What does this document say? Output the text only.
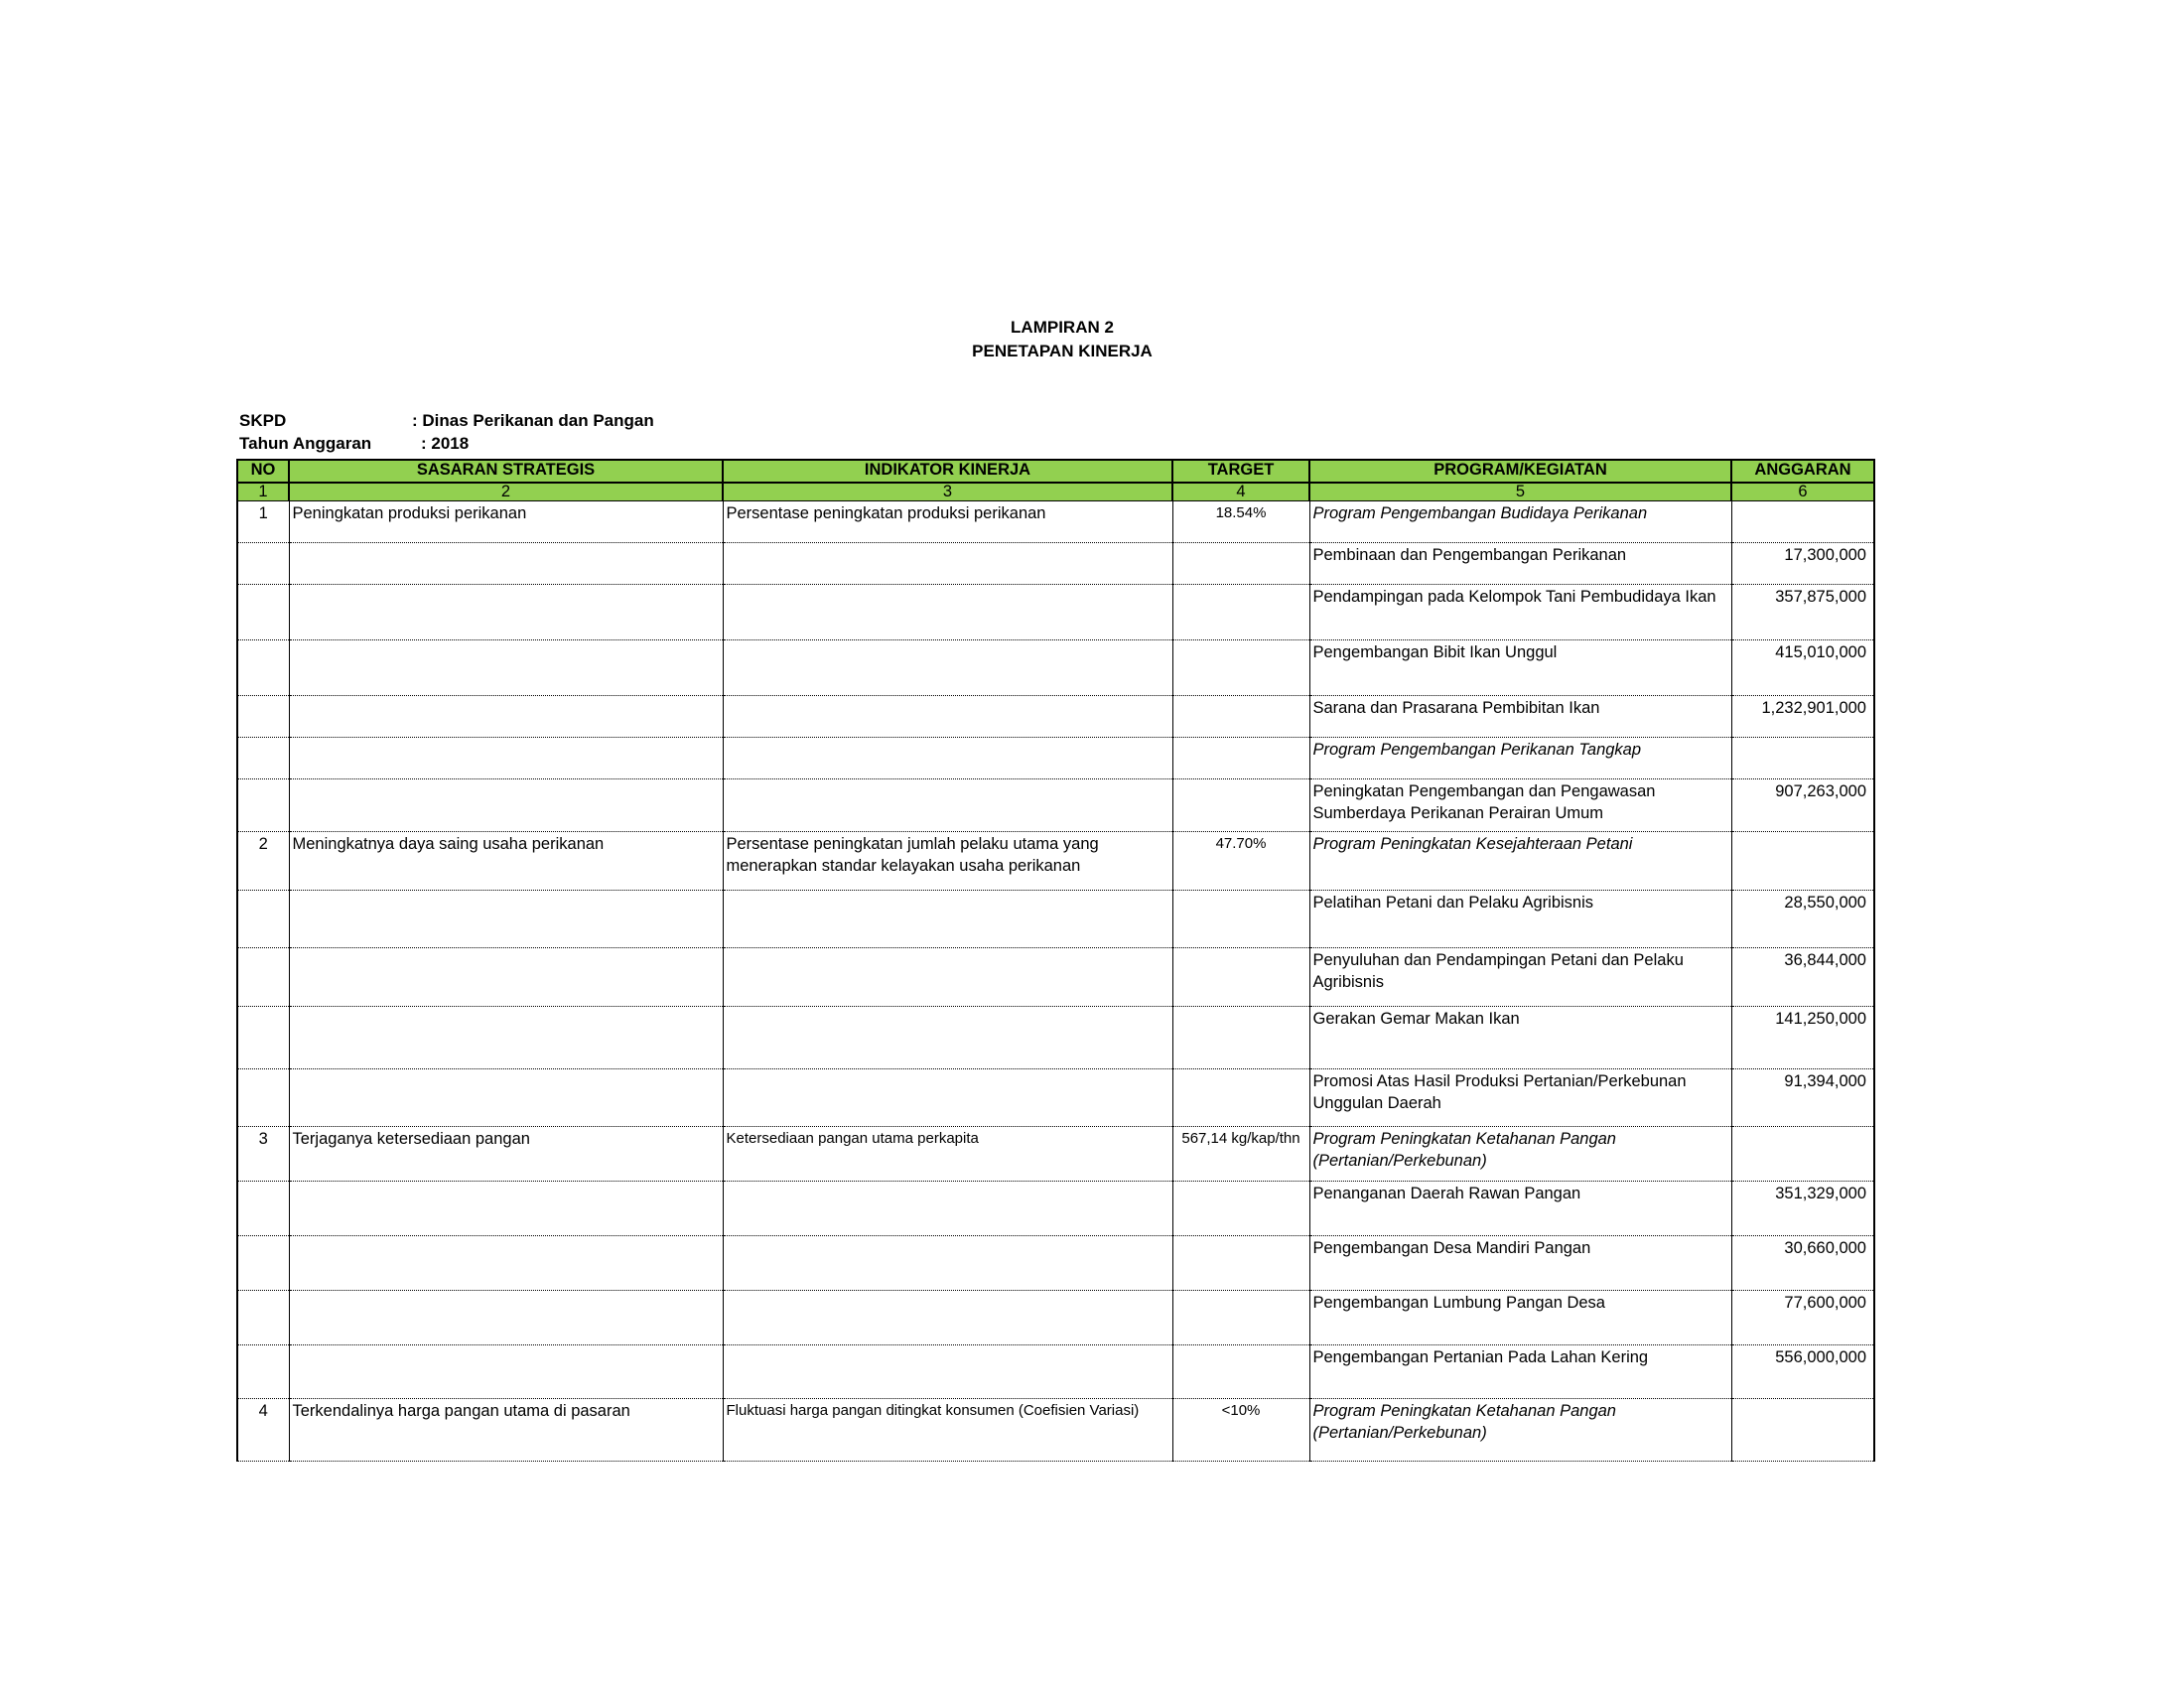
LAMPIRAN 2
PENETAPAN KINERJA
SKPD	: Dinas Perikanan dan Pangan
Tahun Anggaran	: 2018
NO	SASARAN STRATEGIS	INDIKATOR KINERJA	TARGET	PROGRAM/KEGIATAN	ANGGARAN
1	2	3	4	5	6
1	Peningkatan produksi perikanan	Persentase peningkatan produksi perikanan	18.54%	Program Pengembangan Budidaya Perikanan	
				Pembinaan dan Pengembangan Perikanan	17,300,000
				Pendampingan pada Kelompok Tani Pembudidaya Ikan	357,875,000
				Pengembangan Bibit Ikan Unggul	415,010,000
				Sarana dan Prasarana Pembibitan Ikan	1,232,901,000
				Program Pengembangan Perikanan Tangkap	
				Peningkatan Pengembangan dan Pengawasan Sumberdaya Perikanan Perairan Umum	907,263,000
2	Meningkatnya daya saing usaha perikanan	Persentase peningkatan jumlah pelaku utama yang menerapkan standar kelayakan usaha perikanan	47.70%	Program Peningkatan Kesejahteraan Petani	
				Pelatihan Petani dan Pelaku Agribisnis	28,550,000
				Penyuluhan dan Pendampingan Petani dan Pelaku Agribisnis	36,844,000
				Gerakan Gemar Makan Ikan	141,250,000
				Promosi Atas Hasil Produksi Pertanian/Perkebunan Unggulan Daerah	91,394,000
3	Terjaganya ketersediaan pangan	Ketersediaan pangan utama perkapita	567,14 kg/kap/thn	Program Peningkatan Ketahanan Pangan (Pertanian/Perkebunan)	
				Penanganan Daerah Rawan Pangan	351,329,000
				Pengembangan Desa Mandiri Pangan	30,660,000
				Pengembangan Lumbung Pangan Desa	77,600,000
				Pengembangan Pertanian Pada Lahan Kering	556,000,000
4	Terkendalinya harga pangan utama di pasaran	Fluktuasi harga pangan ditingkat konsumen (Coefisien Variasi)	<10%	Program Peningkatan Ketahanan Pangan (Pertanian/Perkebunan)	
